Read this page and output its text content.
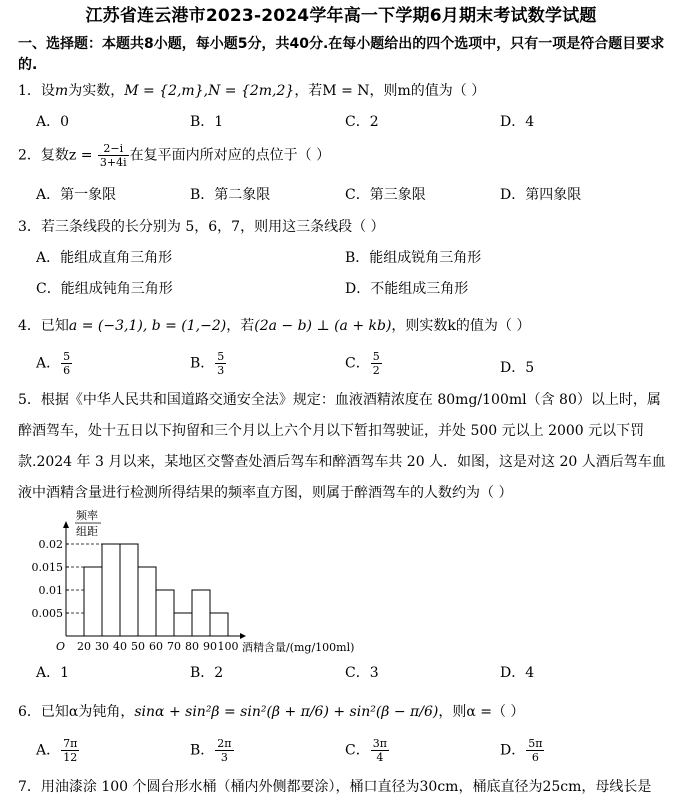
江苏省连云港市2023-2024学年高一下学期6月期末考试数学试题
一、选择题：本题共8小题，每小题5分，共40分.在每小题给出的四个选项中，只有一项是符合题目要求的.
1．设m为实数，M = {2,m},N = {2m,2}，若M = N，则m的值为（ ）
A．0	B．1	C．2	D．4
2．复数$z = \frac{2-i}{3+4i}$ 在复平面内所对应的点位于（ ）
A．第一象限	B．第二象限	C．第三象限	D．第四象限
3．若三条线段的长分别为 5，6，7，则用这三条线段（ ）
A．能组成直角三角形	B．能组成锐角三角形
C．能组成钝角三角形	D．不能组成三角形
4．已知a = (−3,1), b = (1,−2)，若(2a − b) ⊥ (a + kb)，则实数k的值为（ ）
A． $\frac{5}{6}$	B． $\frac{5}{3}$	C． $\frac{5}{2}$	D．5
5．根据《中华人民共和国道路交通安全法》规定：血液酒精浓度在 80mg/100ml（含 80）以上时，属醉酒驾车，处十五日以下拘留和三个月以上六个月以下暂扣驾驶证，并处 500 元以上 2000 元以下罚款.2024 年 3 月以来，某地区交警查处酒后驾车和醉酒驾车共 20 人．如图，这是对这 20 人酒后驾车血液中酒精含量进行检测所得结果的频率直方图，则属于醉酒驾车的人数约为（ ）
0.005
0.01
0.015
0.02
20 30 40 50 60 70 80 90 100
O	酒精含量/(mg/100ml)
频率
组距
A．1	B．2	C．3	D．4
6．已知α为钝角，sinα + sin²β = sin²(β + π/6) + sin²(β − π/6)，则α =（ ）
A． $\frac{7\pi}{12}$	B． $\frac{2\pi}{3}$	C． $\frac{3\pi}{4}$	D． $\frac{5\pi}{6}$
7．用油漆涂 100 个圆台形水桶（桶内外侧都要涂），桶口直径为30cm，桶底直径为25cm，母线长是
